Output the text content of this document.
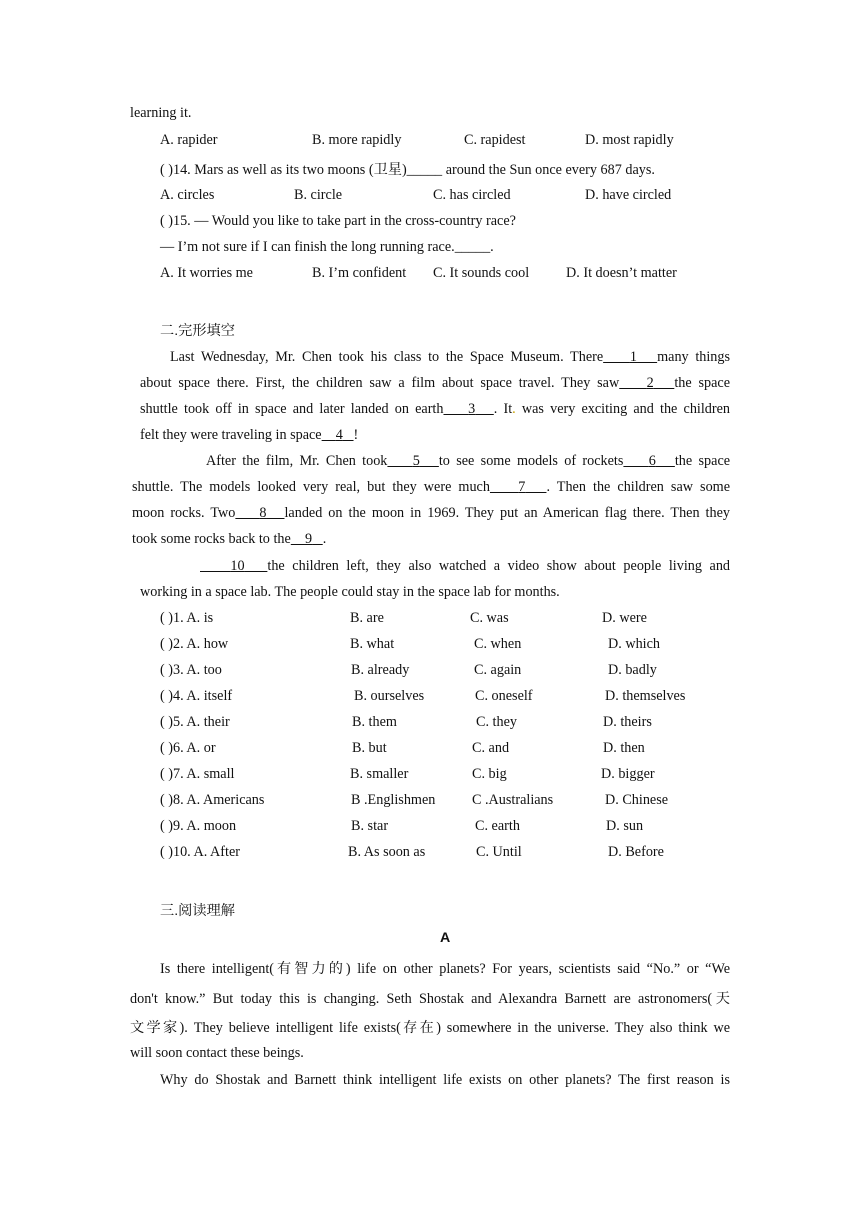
learning it.
A. rapider	B. more rapidly	C. rapidest	D. most rapidly
( )14. Mars as well as its two moons (卫星)_____ around the Sun once every 687 days.
A. circles	B. circle	C. has circled	D. have circled
( )15. — Would you like to take part in the cross-country race?
— I’m not sure if I can finish the long running race._____.
A. It worries me	B. I’m confident C. It sounds cool	D. It doesn’t matter
二.完形填空
Last Wednesday, Mr. Chen took his class to the Space Museum. There 1 many things
about space there. First, the children saw a film about space travel. They saw 2 the space
shuttle took off in space and later landed on earth 3 . It. was very exciting and the children
felt they were traveling in space 4 !
After the film, Mr. Chen took 5 to see some models of rockets 6 the space
shuttle. The models looked very real, but they were much 7 . Then the children saw some
moon rocks. Two 8 landed on the moon in 1969. They put an American flag there. Then they
took some rocks back to the 9 .
10 the children left, they also watched a video show about people living and
working in a space lab. The people could stay in the space lab for months.
( )1. A. is	B. are	C. was	D. were
( )2. A. how	B. what	C. when	D. which
( )3. A. too	B. already	C. again	D. badly
( )4. A. itself	B. ourselves	C. oneself	D. themselves
( )5. A. their	B. them	C. they	D. theirs
( )6. A. or	B. but	C. and	D. then
( )7. A. small	B. smaller	C. big	D. bigger
( )8. A. Americans	B .Englishmen	C .Australians	D. Chinese
( )9. A. moon	B. star	C. earth	D. sun
( )10. A. After	B. As soon as	C. Until	D. Before
三.阅读理解
A
Is there intelligent(有智力的) life on other planets? For years, scientists said “No.” or “We
don't know.” But today this is changing. Seth Shostak and Alexandra Barnett are astronomers(天
文学家). They believe intelligent life exists(存在) somewhere in the universe. They also think we
will soon contact these beings.
Why do Shostak and Barnett think intelligent life exists on other planets? The first reason is
